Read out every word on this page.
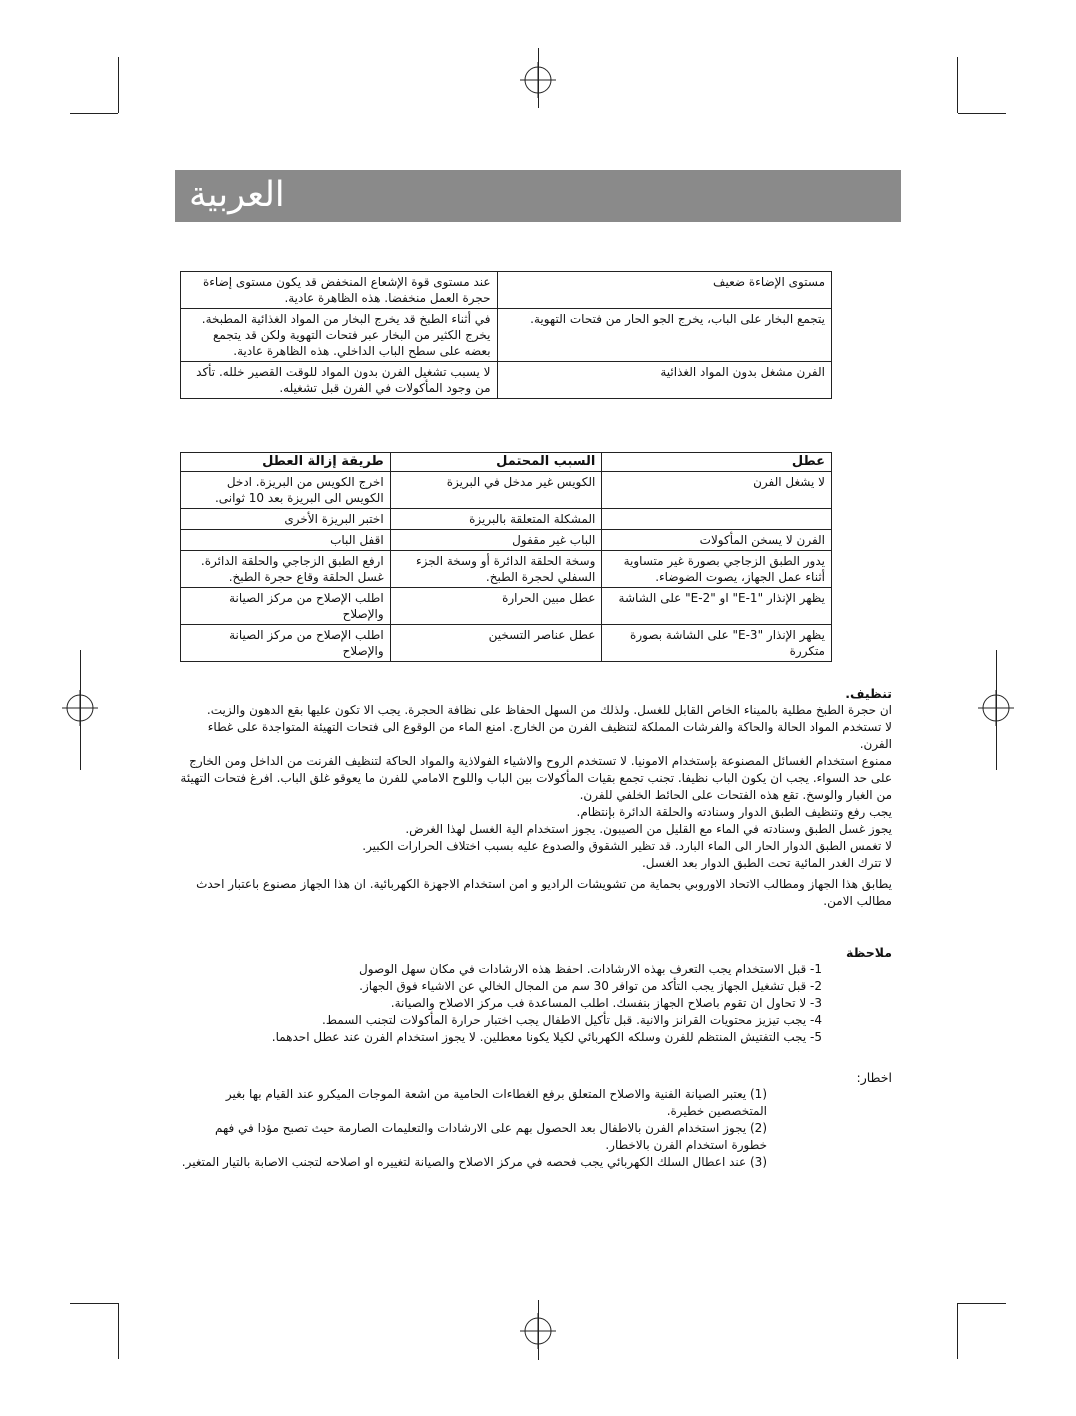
العربية
مستوى الإضاءة ضعيف	عند مستوى قوة الإشعاع المنخفض قد يكون مستوى إضاءة حجرة العمل منخفضا. هذه الظاهرة عادية.
يتجمع البخار على الباب، يخرج الجو الحار من فتحات التهوية.	في أثناء الطبخ قد يخرج البخار من المواد الغذائية المطبخة. يخرج الكثير من البخار عبر فتحات التهوية ولكن قد يتجمع بعضه على سطح الباب الداخلي. هذه الظاهرة عادية.
الفرن مشغل بدون المواد الغذائية	لا يسبب تشغيل الفرن بدون المواد للوقت القصير خلله. تأكد من وجود المأكولات في الفرن قبل تشغيله.
عطل	السبب المحتمل	طريقة إزالة العطل
لا يشغل الفرن	الكويس غير مدخل في البريزة	اخرج الكويس من البريزة. ادخل الكويس الى البريزة بعد 10 ثوانى.
	المشكلة المتعلقة بالبريزة	اختبر البريزة الأخرى
الفرن لا يسخن المأكولات	الباب غير مقفول	اقفل الباب
يدور الطبق الزجاجي بصورة غير متساوية أثناء عمل الجهاز، يصوت الضوضاء.	وسخة الحلقة الدائرة أو وسخة الجزء السفلي لحجرة الطبخ.	ارفع الطبق الزجاجي والحلقة الدائرة. غسل الحلقة وقاع حجرة الطبخ.
يظهر الإنذار "E-1" او "E-2" على الشاشة	عطل مبين الحرارة	اطلب الإصلاح من مركز الصيانة والإصلاح
يظهر الإنذار "E-3" على الشاشة بصورة متكررة	عطل عناصر التسخين	اطلب الإصلاح من مركز الصيانة والإصلاح
تنظيف.

ان حجرة الطبخ مطلية بالميناء الخاص القابل للغسل. ولذلك من السهل الحفاظ على نظافة الحجرة. يجب الا تكون عليها بقع الدهون والزيت.

لا تستخدم المواد الحالة والحاكة والفرشات المملكة لتنظيف الفرن من الخارج. امنع الماء من الوقوع الى فتحات التهيئة المتواجدة على غطاء الفرن.

ممنوع استخدام الغسائل المصنوعة بإستخدام الامونيا. لا تستخدم الروح والاشياء الفولاذية والمواد الحاكة لتنظيف الفرنت من الداخل ومن الخارج على حد السواء. يجب ان يكون الباب نظيفا. تجنب تجمع بقيات المأكولات بين الباب واللوح الامامي للفرن ما يعوقو غلق الباب. افرغ فتحات التهيئة من الغبار والوسخ. تقع هذه الفتحات على الحائط الخلفي للفرن.

يجب رفع وتنظيف الطبق الدوار وسنادته والحلقة الدائرة بإنتظام.

يجوز غسل الطبق وسنادته في الماء مع القليل من الصيبون. يجوز استخدام الية الغسل لهذا الغرض.

لا تغمس الطبق الدوار الحار الى الماء البارد. قد تظير الشقوق والصدوع عليه بسبب اختلاف الحرارات الكبير.

لا تترك الغدر المائية تحت الطبق الدوار بعد الغسل.

يطابق هذا الجهاز ومطالب الاتحاد الاوروبي بحماية من تشويشات الراديو و امن استخدام الاجهزة الكهربائية. ان هذا الجهاز مصنوع باعتبار احدث مطالب الامن.

ملاحظة
1- قبل الاستخدام يجب التعرف بهذه الارشادات. احفظ هذه الارشادات في مكان سهل الوصول
2- قبل تشغيل الجهاز يجب التأكد من توافر 30 سم من المجال الخالي عن الاشياء فوق الجهاز.
3- لا تحاول ان تقوم باصلاح الجهاز بنفسك. اطلب المساعدة فب مركز الاصلاح والصيانة.
4- يجب تيزيز محتويات القرانز والانية. قبل تأكيل الاطفال يجب اختبار حرارة المأكولات لتجنب السمط.
5- يجب التفتيش المنتظم للفرن وسلكه الكهربائي لكيلا يكونا معطلين. لا يجوز استخدام الفرن عند عطل احدهما.
اخطار:
(1) يعتبر الصيانة الفنية والاصلاح المتعلق برفع الغطاءات الحامية من اشعة الموجات الميكرو عند القيام بها بغير المتخصصين خطيرة.
(2) يجوز استخدام الفرن بالاطفال بعد الحصول بهم على الارشادات والتعليمات الصارمة حيث تصبح مؤدا في فهم خطورة استخدام الفرن بالاخطار.
(3) عند اعطال السلك الكهربائي يجب فحصه في مركز الاصلاح والصيانة لتغييره او اصلاحه لتجنب الاصابة بالتيار المتغير.
